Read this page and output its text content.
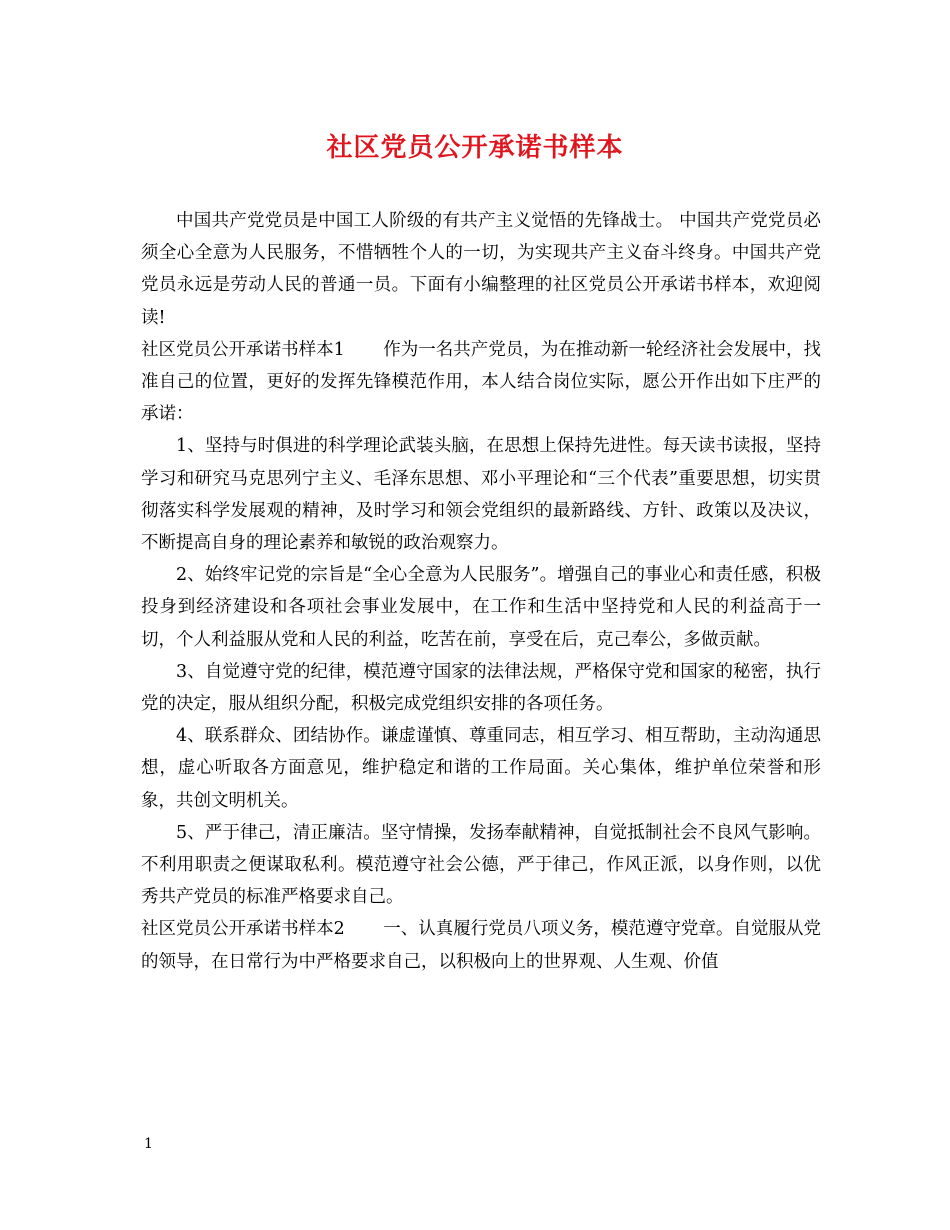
社区党员公开承诺书样本

中国共产党党员是中国工人阶级的有共产主义觉悟的先锋战士。 中国共产党党员必须全心全意为人民服务，不惜牺牲个人的一切，为实现共产主义奋斗终身。中国共产党党员永远是劳动人民的普通一员。下面有小编整理的社区党员公开承诺书样本，欢迎阅读!

社区党员公开承诺书样本1 作为一名共产党员，为在推动新一轮经济社会发展中，找准自己的位置，更好的发挥先锋模范作用，本人结合岗位实际，愿公开作出如下庄严的承诺：

1、坚持与时俱进的科学理论武装头脑，在思想上保持先进性。每天读书读报，坚持学习和研究马克思列宁主义、毛泽东思想、邓小平理论和“三个代表”重要思想，切实贯彻落实科学发展观的精神，及时学习和领会党组织的最新路线、方针、政策以及决议，不断提高自身的理论素养和敏锐的政治观察力。

2、始终牢记党的宗旨是“全心全意为人民服务”。增强自己的事业心和责任感，积极投身到经济建设和各项社会事业发展中，在工作和生活中坚持党和人民的利益高于一切，个人利益服从党和人民的利益，吃苦在前，享受在后，克己奉公，多做贡献。

3、自觉遵守党的纪律，模范遵守国家的法律法规，严格保守党和国家的秘密，执行党的决定，服从组织分配，积极完成党组织安排的各项任务。

4、联系群众、团结协作。谦虚谨慎、尊重同志，相互学习、相互帮助，主动沟通思想，虚心听取各方面意见，维护稳定和谐的工作局面。关心集体，维护单位荣誉和形象，共创文明机关。

5、严于律己，清正廉洁。坚守情操，发扬奉献精神，自觉抵制社会不良风气影响。不利用职责之便谋取私利。模范遵守社会公德，严于律己，作风正派，以身作则，以优秀共产党员的标准严格要求自己。

社区党员公开承诺书样本2 一、认真履行党员八项义务，模范遵守党章。自觉服从党的领导，在日常行为中严格要求自己，以积极向上的世界观、人生观、价值

1
